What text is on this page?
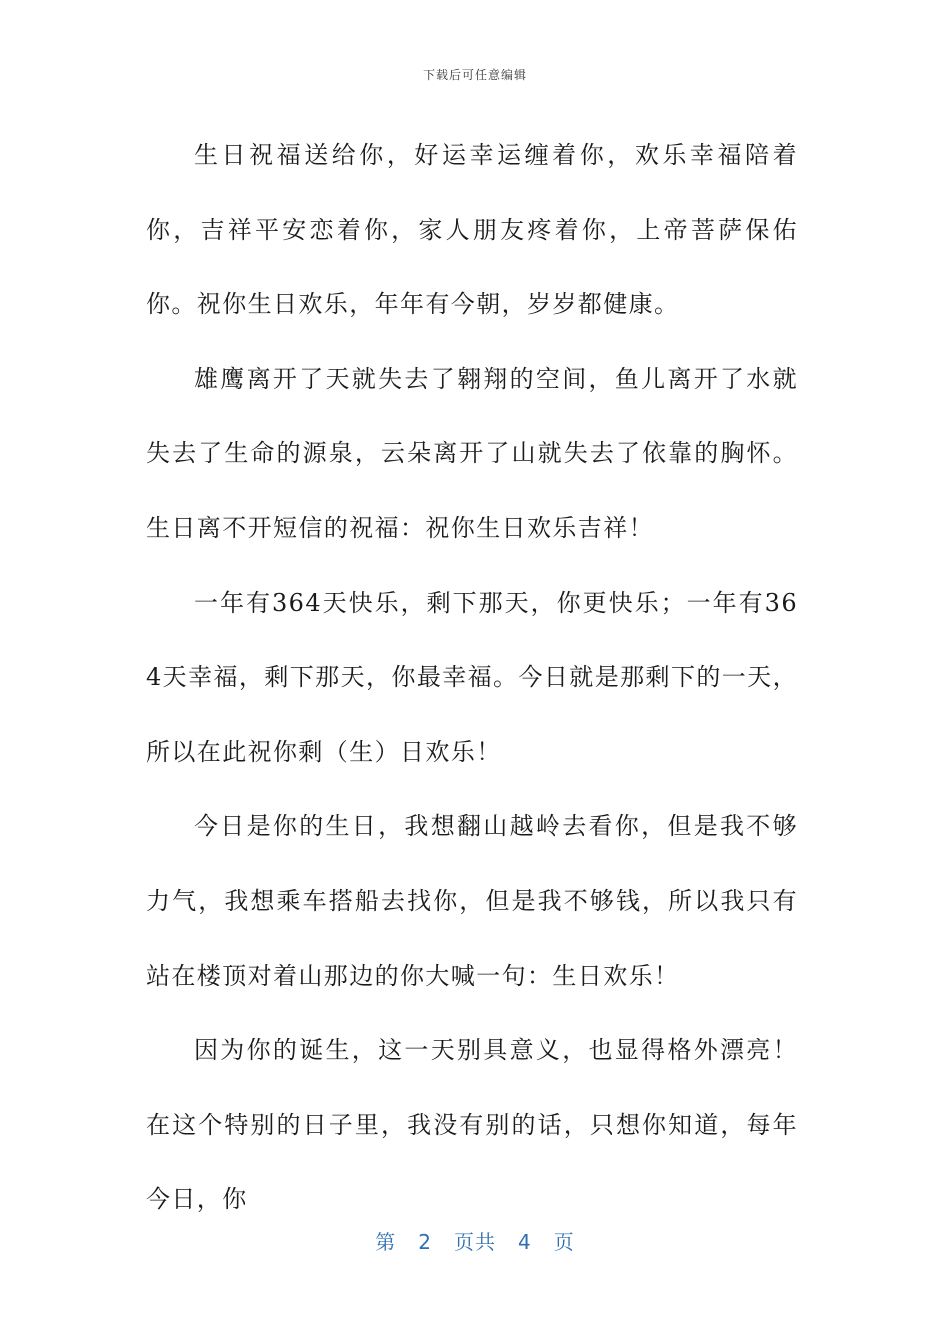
下载后可任意编辑

生日祝福送给你，好运幸运缠着你，欢乐幸福陪着你，吉祥平安恋着你，家人朋友疼着你，上帝菩萨保佑你。祝你生日欢乐，年年有今朝，岁岁都健康。

雄鹰离开了天就失去了翱翔的空间，鱼儿离开了水就失去了生命的源泉，云朵离开了山就失去了依靠的胸怀。生日离不开短信的祝福：祝你生日欢乐吉祥！

一年有364天快乐，剩下那天，你更快乐；一年有364天幸福，剩下那天，你最幸福。今日就是那剩下的一天，所以在此祝你剩（生）日欢乐！

今日是你的生日，我想翻山越岭去看你，但是我不够力气，我想乘车搭船去找你，但是我不够钱，所以我只有站在楼顶对着山那边的你大喊一句：生日欢乐！

因为你的诞生，这一天别具意义，也显得格外漂亮！在这个特别的日子里，我没有别的话，只想你知道，每年今日，你

第 2 页共 4 页
